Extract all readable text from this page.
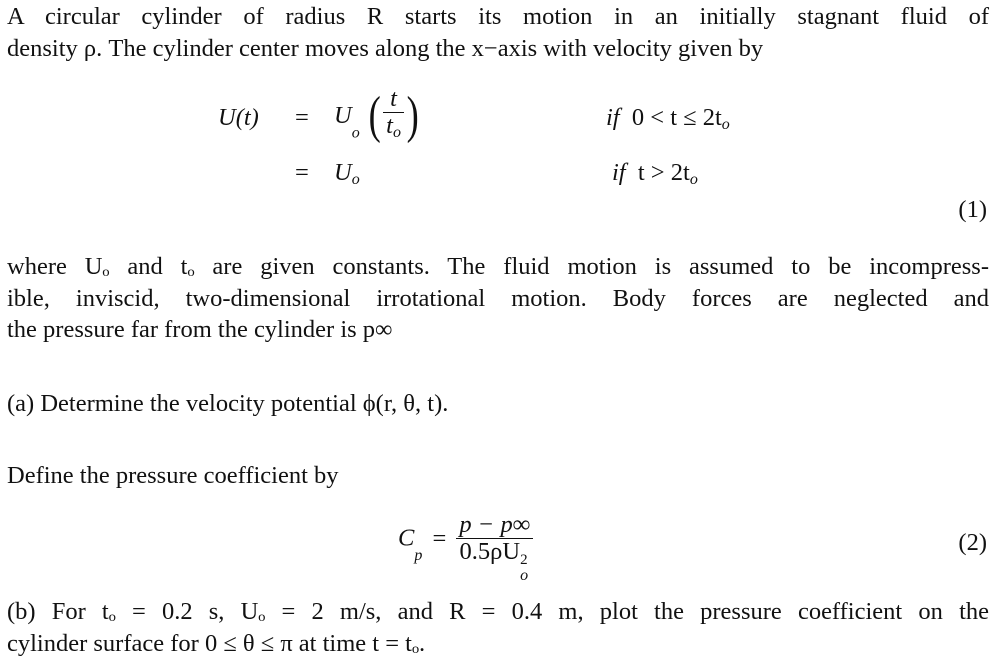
A circular cylinder of radius R starts its motion in an initially stagnant fluid of
density ρ. The cylinder center moves along the x−axis with velocity given by
$U(t) = U_o$ ( $\frac{t}{t_o}$ )	if $0 < t \le 2t_o$
= $U_o$	if $t > 2t_o$
(1)
where Uₒ and tₒ are given constants. The fluid motion is assumed to be incompress-
ible, inviscid, two-dimensional irrotational motion. Body forces are neglected and
the pressure far from the cylinder is p∞
(a) Determine the velocity potential ϕ(r, θ, t).
Define the pressure coefficient by
$C_p = p - p\infty$
0.5ρU 2
o	(2)
(b) For tₒ = 0.2 s, Uₒ = 2 m/s, and R = 0.4 m, plot the pressure coefficient on the
cylinder surface for 0 ≤ θ ≤ π at time t = tₒ.
